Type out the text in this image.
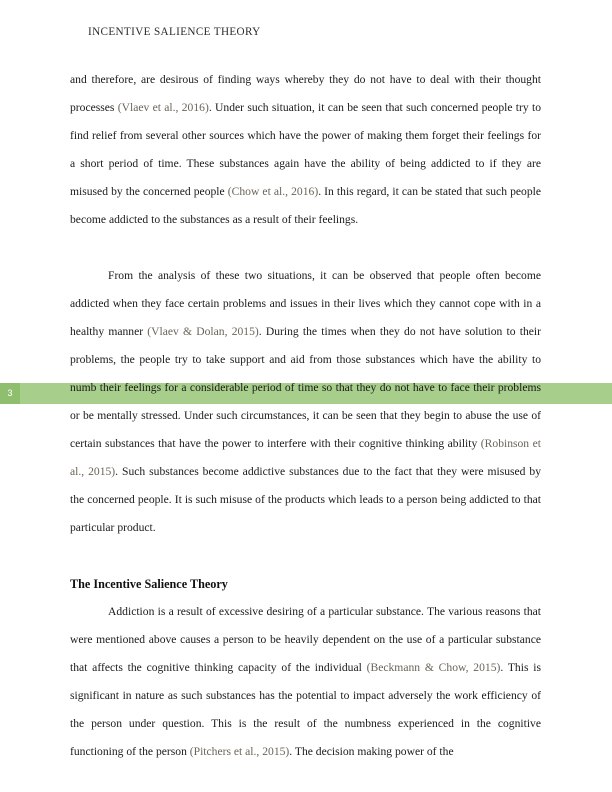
INCENTIVE SALIENCE THEORY
3

and therefore, are desirous of finding ways whereby they do not have to deal with their thought processes (Vlaev et al., 2016). Under such situation, it can be seen that such concerned people try to find relief from several other sources which have the power of making them forget their feelings for a short period of time. These substances again have the ability of being addicted to if they are misused by the concerned people (Chow et al., 2016). In this regard, it can be stated that such people become addicted to the substances as a result of their feelings.

From the analysis of these two situations, it can be observed that people often become addicted when they face certain problems and issues in their lives which they cannot cope with in a healthy manner (Vlaev & Dolan, 2015). During the times when they do not have solution to their problems, the people try to take support and aid from those substances which have the ability to numb their feelings for a considerable period of time so that they do not have to face their problems or be mentally stressed. Under such circumstances, it can be seen that they begin to abuse the use of certain substances that have the power to interfere with their cognitive thinking ability (Robinson et al., 2015). Such substances become addictive substances due to the fact that they were misused by the concerned people. It is such misuse of the products which leads to a person being addicted to that particular product.

The Incentive Salience Theory

Addiction is a result of excessive desiring of a particular substance. The various reasons that were mentioned above causes a person to be heavily dependent on the use of a particular substance that affects the cognitive thinking capacity of the individual (Beckmann & Chow, 2015). This is significant in nature as such substances has the potential to impact adversely the work efficiency of the person under question. This is the result of the numbness experienced in the cognitive functioning of the person (Pitchers et al., 2015). The decision making power of the
